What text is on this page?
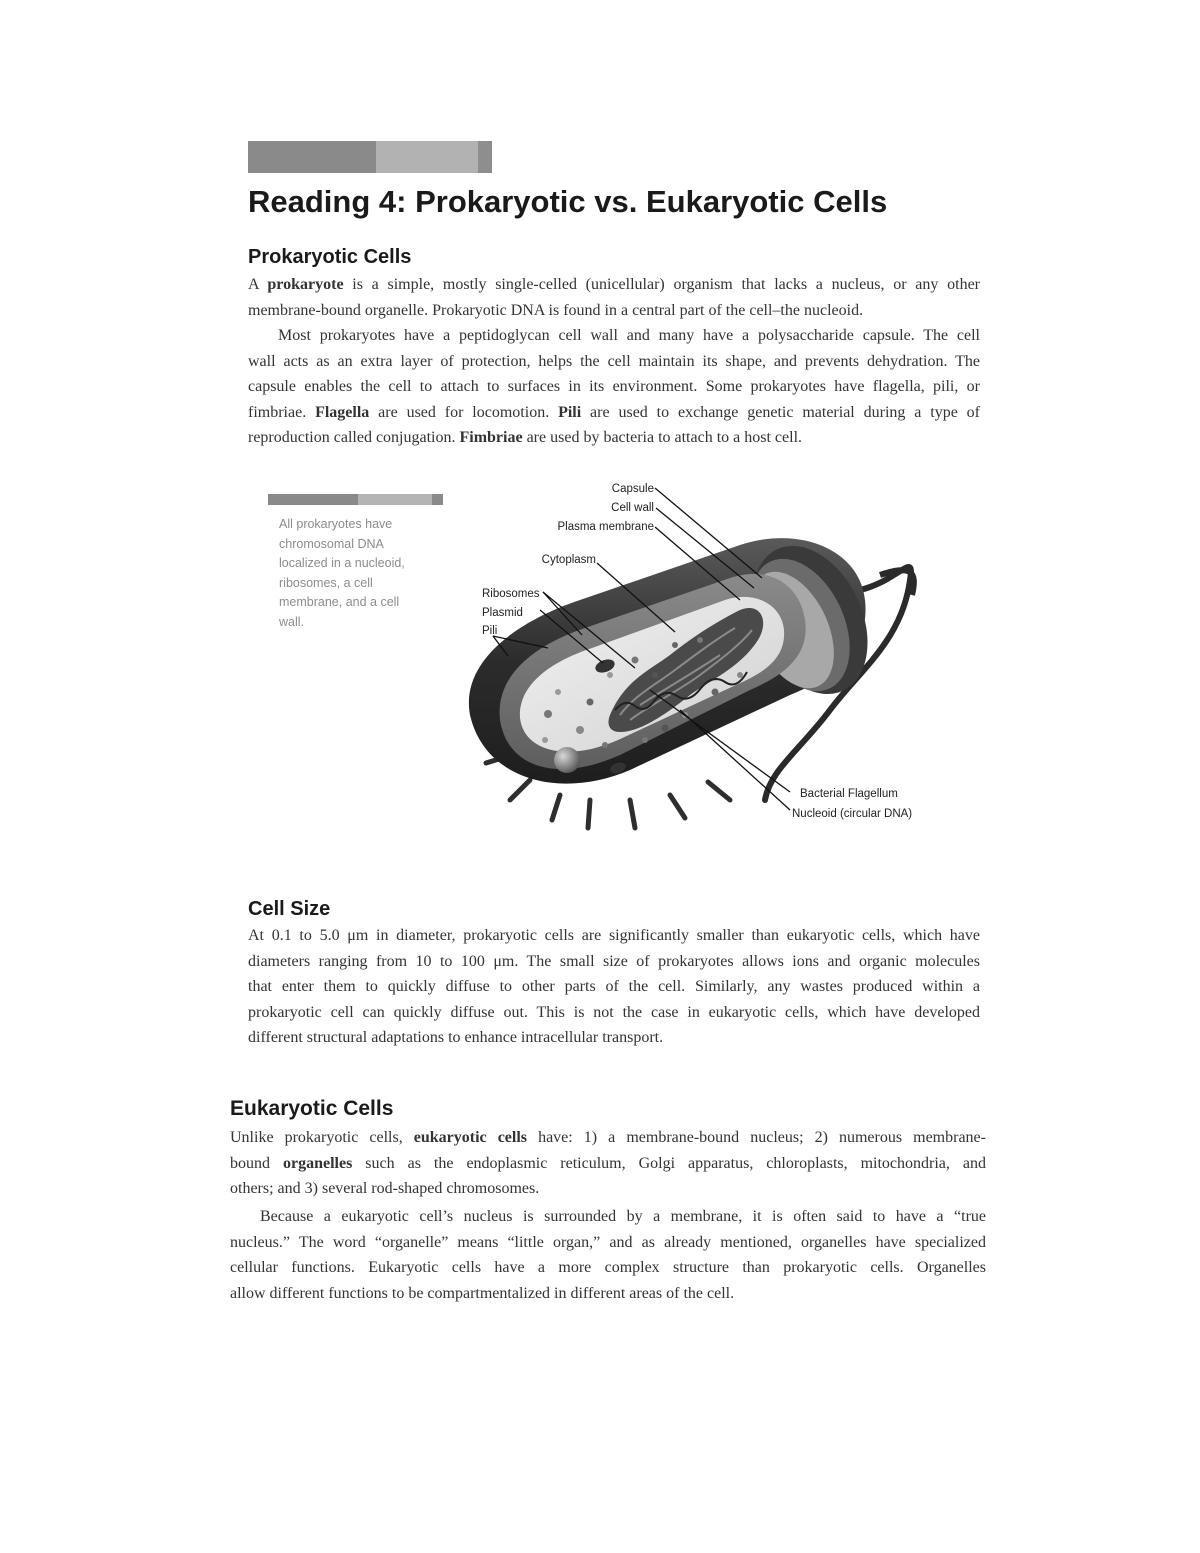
Reading 4: Prokaryotic vs. Eukaryotic Cells
Prokaryotic Cells
A prokaryote is a simple, mostly single-celled (unicellular) organism that lacks a nucleus, or any other
membrane-bound organelle. Prokaryotic DNA is found in a central part of the cell–the nucleoid.
Most prokaryotes have a peptidoglycan cell wall and many have a polysaccharide capsule. The cell
wall acts as an extra layer of protection, helps the cell maintain its shape, and prevents dehydration. The
capsule enables the cell to attach to surfaces in its environment. Some prokaryotes have flagella, pili, or
fimbriae. Flagella are used for locomotion. Pili are used to exchange genetic material during a type of
reproduction called conjugation. Fimbriae are used by bacteria to attach to a host cell.
All prokaryotes have
chromosomal DNA
localized in a nucleoid,
ribosomes, a cell
membrane, and a cell
wall.
Capsule
Cell wall
Plasma membrane
Cytoplasm
Ribosomes
Plasmid
Pili
Bacterial Flagellum
Nucleoid (circular DNA)
Cell Size
At 0.1 to 5.0 μm in diameter, prokaryotic cells are significantly smaller than eukaryotic cells, which have
diameters ranging from 10 to 100 μm. The small size of prokaryotes allows ions and organic molecules
that enter them to quickly diffuse to other parts of the cell. Similarly, any wastes produced within a
prokaryotic cell can quickly diffuse out. This is not the case in eukaryotic cells, which have developed
different structural adaptations to enhance intracellular transport.
Eukaryotic Cells
Unlike prokaryotic cells, eukaryotic cells have: 1) a membrane-bound nucleus; 2) numerous membrane-
bound organelles such as the endoplasmic reticulum, Golgi apparatus, chloroplasts, mitochondria, and
others; and 3) several rod-shaped chromosomes.
Because a eukaryotic cell’s nucleus is surrounded by a membrane, it is often said to have a “true
nucleus.” The word “organelle” means “little organ,” and as already mentioned, organelles have specialized
cellular functions. Eukaryotic cells have a more complex structure than prokaryotic cells. Organelles
allow different functions to be compartmentalized in different areas of the cell.
